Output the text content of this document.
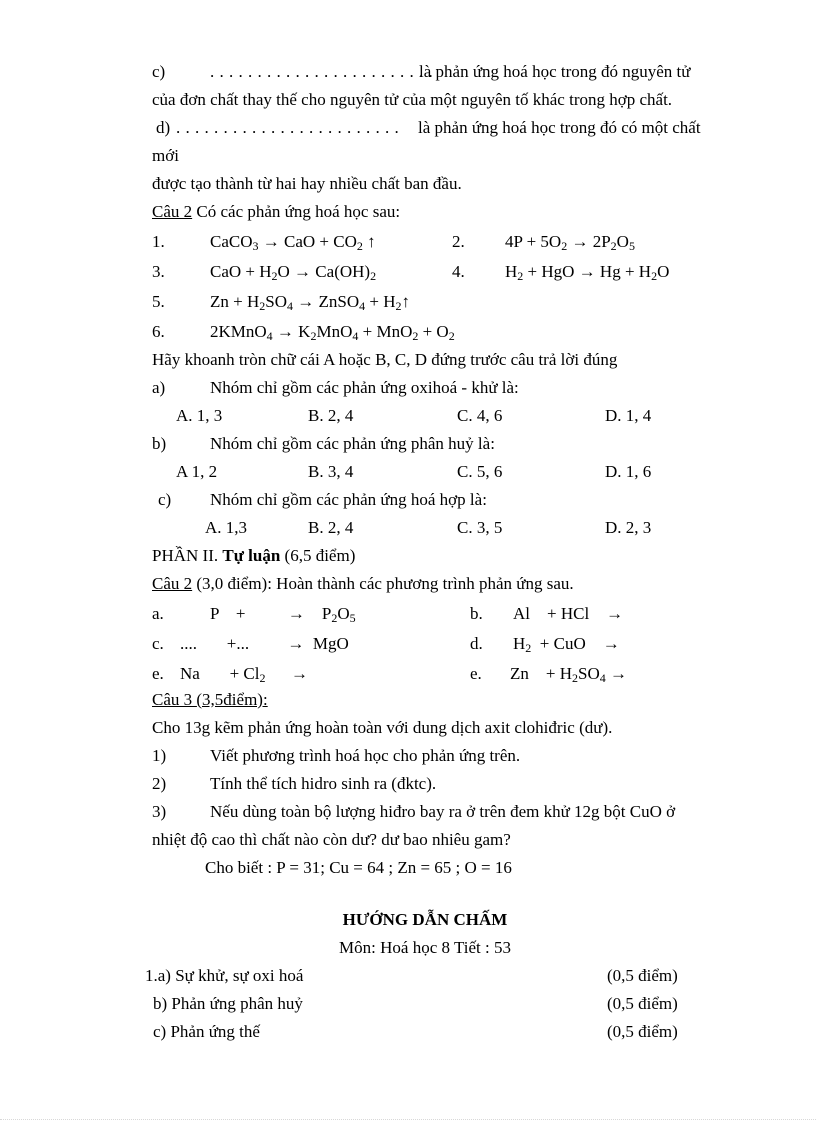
c)	. . . . . . . . . . . . . . . . . . . . . . . .
là phản ứng hoá học trong đó nguyên tử
của đơn chất thay thế cho nguyên tử của một nguyên tố khác trong hợp chất.
d) . . . . . . . . . . . . . . . . . . . . . . . . là phản ứng hoá học trong đó có một chất
mới
được tạo thành từ hai hay nhiều chất ban đầu.
Câu 2 Có các phản ứng hoá học sau:
1.	CaCO$_3$ → CaO + $CO_2$ ↑	2. $4P + 5O_2 \to 2P_2O_5$
3.	CaO + $H_2O \to Ca(OH)_2$	4. $H_2$ + HgO → $Hg + H_2O$
5.	$Zn + H_2SO_4$ → ZnSO$_4$ + $H_2↑$
6.	2KMnO$_4$ → $K_2MnO_4 + MnO_2 + O_2$
Hãy khoanh tròn chữ cái A hoặc B, C, D đứng trước câu trả lời đúng
a)	Nhóm chỉ gồm các phản ứng oxihoá - khử là:
A. 1, 3	B. 2, 4	C. 4, 6	D. 1, 4
b)	Nhóm chỉ gồm các phản ứng phân huỷ là:
A 1, 2	B. 3, 4	C. 5, 6	D. 1, 6
c) Nhóm chỉ gồm các phản ứng hoá hợp là:
A. 1,3	B. 2, 4	C. 3, 5	D. 2, 3
PHẦN II. Tự luận (6,5 điểm)
Câu 2 (3,0 điểm): Hoàn thành các phương trình phản ứng sau.
a.	P    +          →    $P_2O_5$	b. Al    + HCl    →
c. ....       +...         →  MgO	d. $H_2$  + CuO    →
e. Na       + $Cl_2$      →	e. Zn    + $H_2SO_4$ →
Câu 3 (3,5điểm):
Cho 13g kẽm phản ứng hoàn toàn với dung dịch axit clohiđric (dư).
1)	Viết phương trình hoá học cho phản ứng trên.
2)	Tính thể tích hidro sinh ra (đktc).
3)	Nếu dùng toàn bộ lượng hiđro bay ra ở trên đem khử 12g bột CuO ở
nhiệt độ cao thì chất nào còn dư? dư bao nhiêu gam?
Cho biết : P = 31; Cu = 64 ; Zn = 65 ; O = 16
HƯỚNG DẪN CHẤM
Môn: Hoá học 8 Tiết : 53
1.a) Sự khử, sự oxi hoá	(0,5 điểm)
b) Phản ứng phân huỷ	(0,5 điểm)
c) Phản ứng thế	(0,5 điểm)
